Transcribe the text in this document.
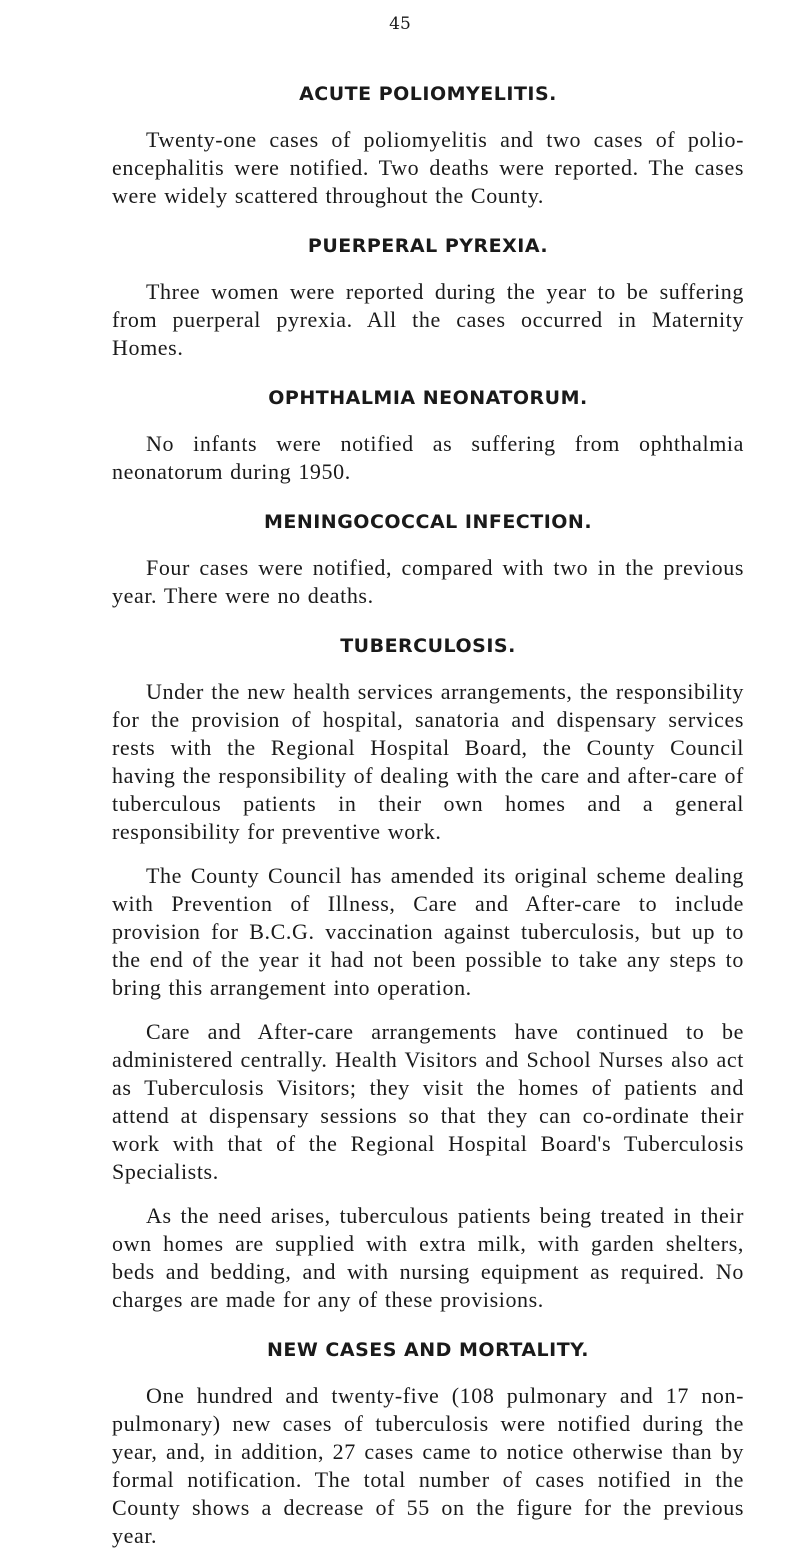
45
ACUTE POLIOMYELITIS.

Twenty-one cases of poliomyelitis and two cases of polio-encephalitis were notified. Two deaths were reported. The cases were widely scattered throughout the County.

PUERPERAL PYREXIA.

Three women were reported during the year to be suffering from puerperal pyrexia. All the cases occurred in Maternity Homes.

OPHTHALMIA NEONATORUM.

No infants were notified as suffering from ophthalmia neonatorum during 1950.

MENINGOCOCCAL INFECTION.

Four cases were notified, compared with two in the previous year. There were no deaths.

TUBERCULOSIS.

Under the new health services arrangements, the responsibility for the provision of hospital, sanatoria and dispensary services rests with the Regional Hospital Board, the County Council having the responsibility of dealing with the care and after-care of tuberculous patients in their own homes and a general responsibility for preventive work.

The County Council has amended its original scheme dealing with Prevention of Illness, Care and After-care to include provision for B.C.G. vaccination against tuberculosis, but up to the end of the year it had not been possible to take any steps to bring this arrangement into operation.

Care and After-care arrangements have continued to be administered centrally. Health Visitors and School Nurses also act as Tuberculosis Visitors; they visit the homes of patients and attend at dispensary sessions so that they can co-ordinate their work with that of the Regional Hospital Board's Tuberculosis Specialists.

As the need arises, tuberculous patients being treated in their own homes are supplied with extra milk, with garden shelters, beds and bedding, and with nursing equipment as required. No charges are made for any of these provisions.

NEW CASES AND MORTALITY.

One hundred and twenty-five (108 pulmonary and 17 non-pulmonary) new cases of tuberculosis were notified during the year, and, in addition, 27 cases came to notice otherwise than by formal notification. The total number of cases notified in the County shows a decrease of 55 on the figure for the previous year.
